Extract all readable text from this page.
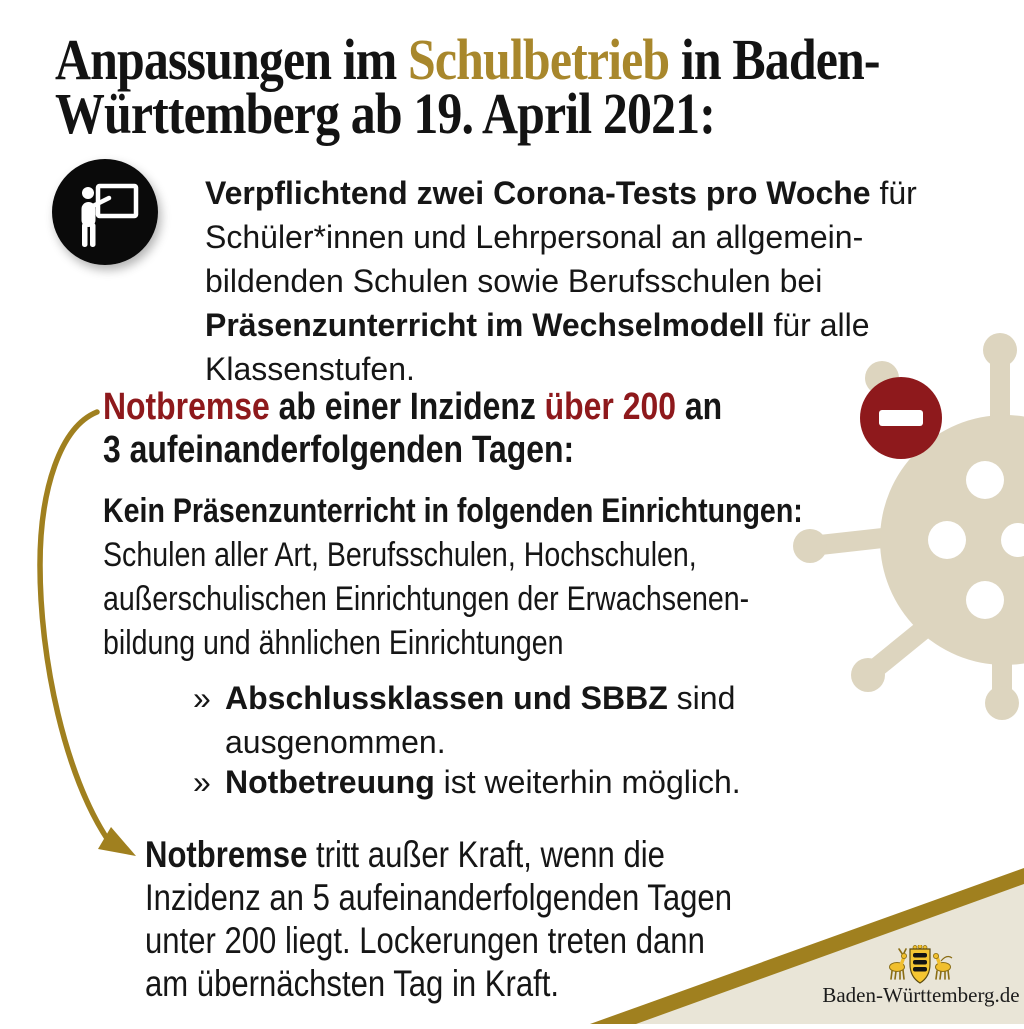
Anpassungen im Schulbetrieb in Baden-
Württemberg ab 19. April 2021:
Verpflichtend zwei Corona-Tests pro Woche für
Schüler*innen und Lehrpersonal an allgemein-
bildenden Schulen sowie Berufsschulen bei
Präsenzunterricht im Wechselmodell für alle
Klassenstufen.
Notbremse ab einer Inzidenz über 200 an
3 aufeinanderfolgenden Tagen:
Kein Präsenzunterricht in folgenden Einrichtungen:
Schulen aller Art, Berufsschulen, Hochschulen,
außerschulischen Einrichtungen der Erwachsenen-
bildung und ähnlichen Einrichtungen
» Abschlussklassen und SBBZ sind
ausgenommen.
» Notbetreuung ist weiterhin möglich.
Notbremse tritt außer Kraft, wenn die
Inzidenz an 5 aufeinanderfolgenden Tagen
unter 200 liegt. Lockerungen treten dann
am übernächsten Tag in Kraft.	Baden-Württemberg.de
